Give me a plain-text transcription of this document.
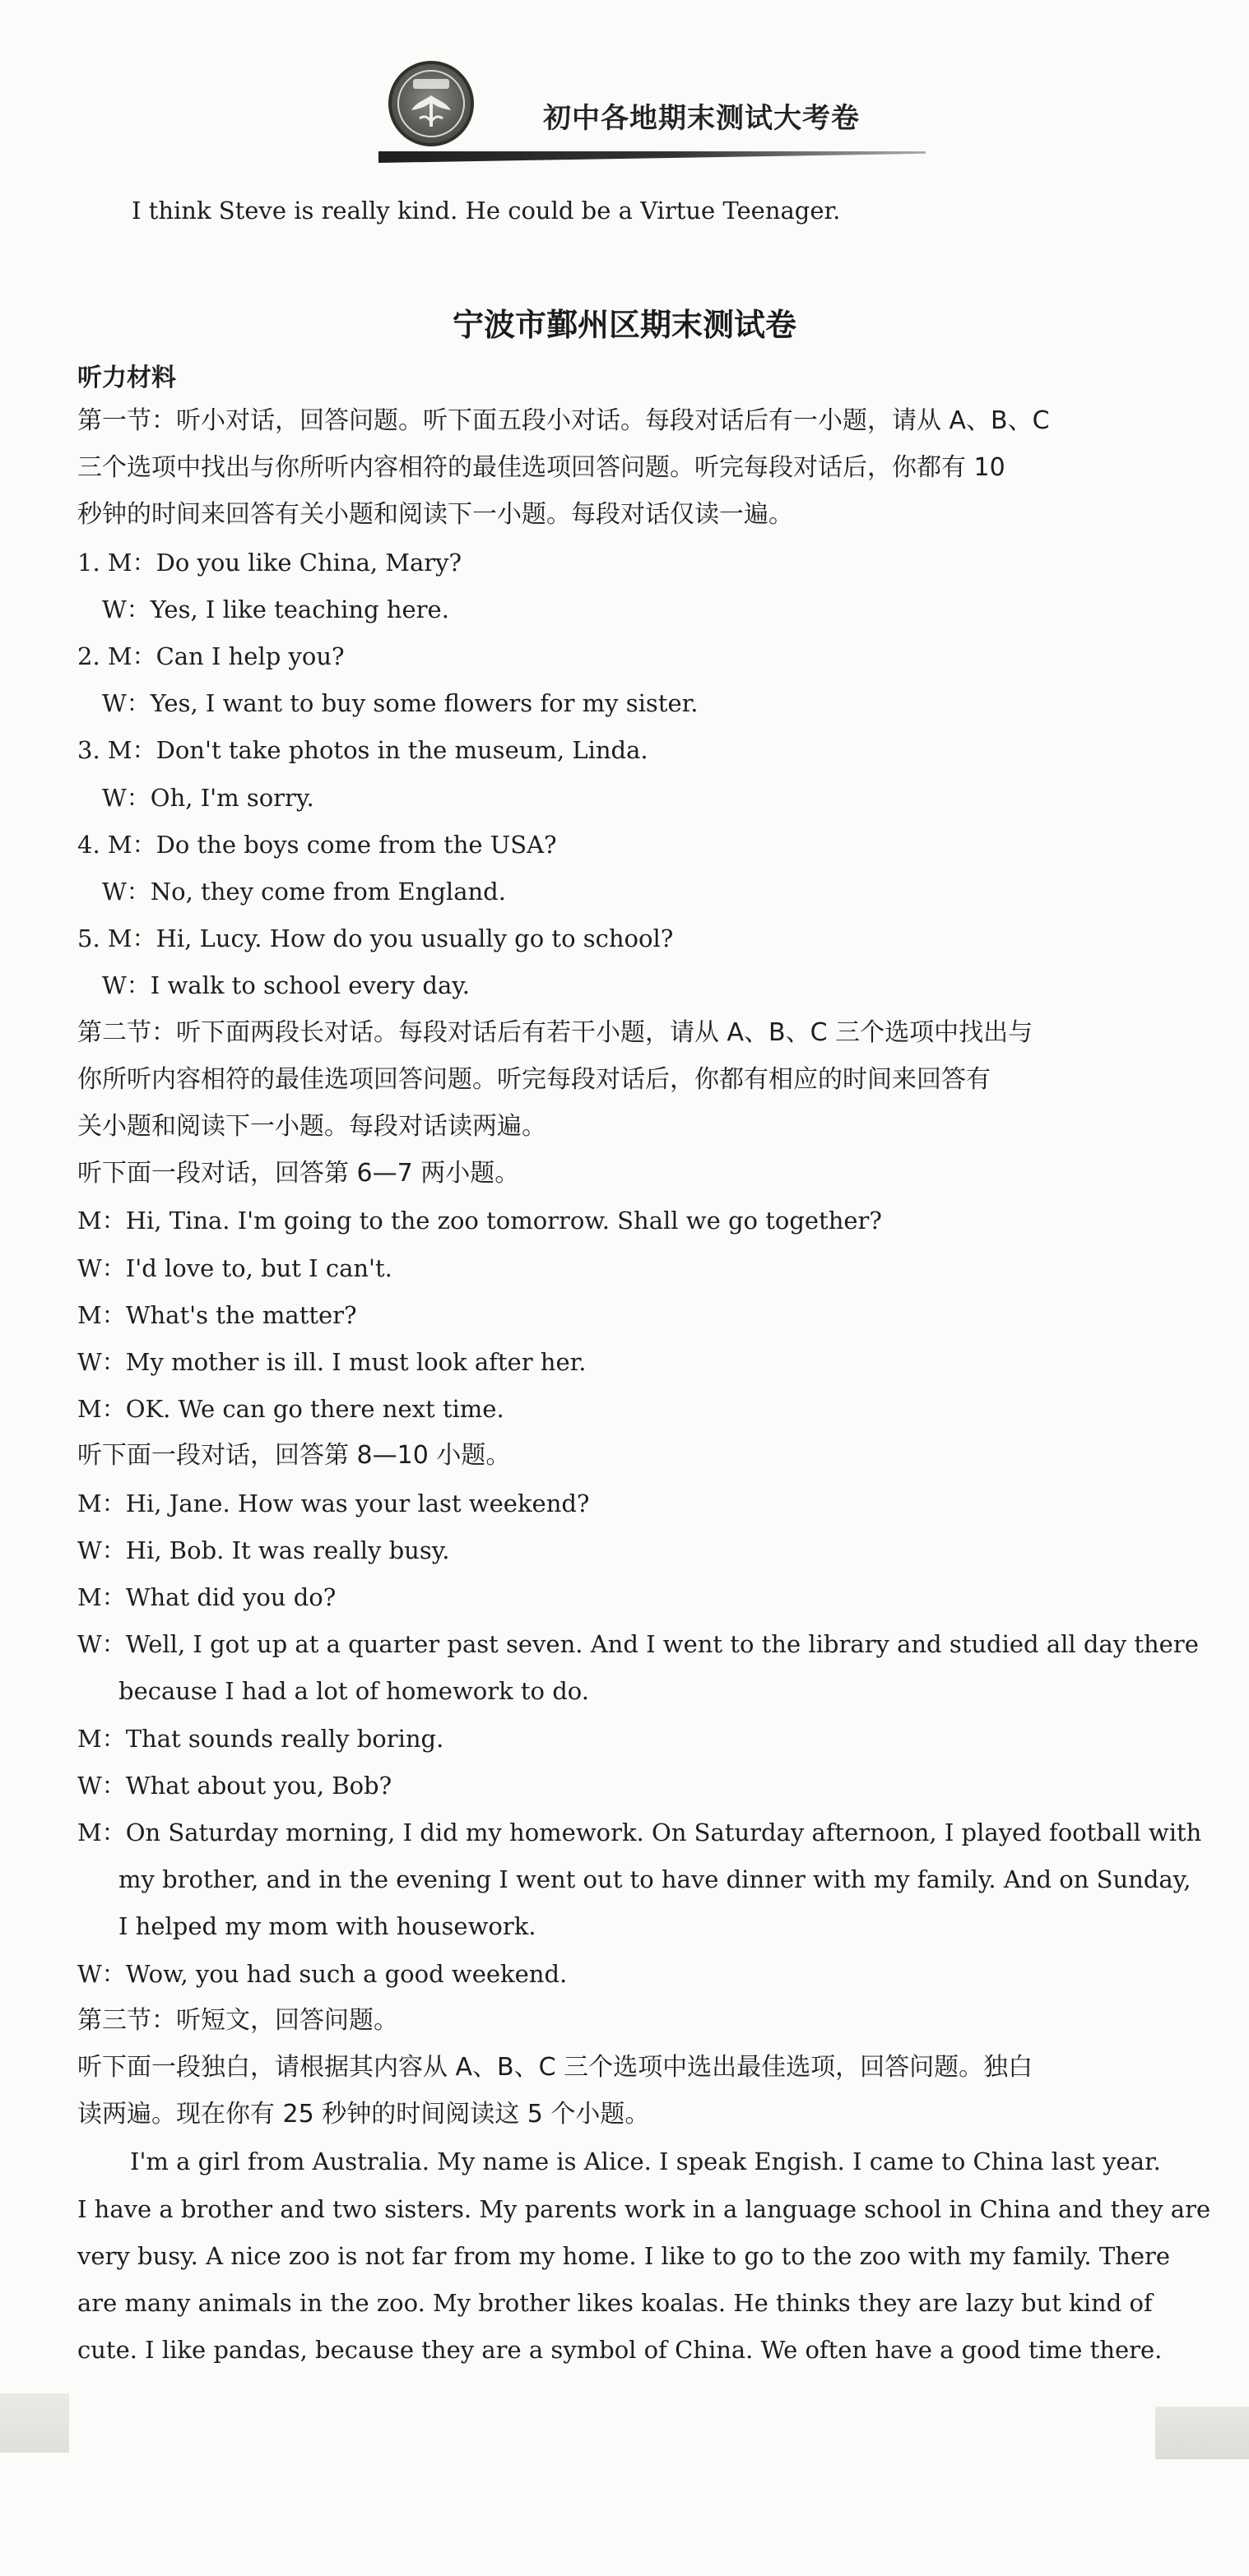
初中各地期末测试大考卷
I think Steve is really kind. He could be a Virtue Teenager.
宁波市鄞州区期末测试卷
听力材料
第一节：听小对话，回答问题。听下面五段小对话。每段对话后有一小题，请从 A、B、C
三个选项中找出与你所听内容相符的最佳选项回答问题。听完每段对话后，你都有 10
秒钟的时间来回答有关小题和阅读下一小题。每段对话仅读一遍。
1. M：Do you like China, Mary?
W：Yes, I like teaching here.
2. M：Can I help you?
W：Yes, I want to buy some flowers for my sister.
3. M：Don't take photos in the museum, Linda.
W：Oh, I'm sorry.
4. M：Do the boys come from the USA?
W：No, they come from England.
5. M：Hi, Lucy. How do you usually go to school?
W：I walk to school every day.
第二节：听下面两段长对话。每段对话后有若干小题，请从 A、B、C 三个选项中找出与
你所听内容相符的最佳选项回答问题。听完每段对话后，你都有相应的时间来回答有
关小题和阅读下一小题。每段对话读两遍。
听下面一段对话，回答第 6—7 两小题。
M：Hi, Tina. I'm going to the zoo tomorrow. Shall we go together?
W：I'd love to, but I can't.
M：What's the matter?
W：My mother is ill. I must look after her.
M：OK. We can go there next time.
听下面一段对话，回答第 8—10 小题。
M：Hi, Jane. How was your last weekend?
W：Hi, Bob. It was really busy.
M：What did you do?
W：Well, I got up at a quarter past seven. And I went to the library and studied all day there
because I had a lot of homework to do.
M：That sounds really boring.
W：What about you, Bob?
M：On Saturday morning, I did my homework. On Saturday afternoon, I played football with
my brother, and in the evening I went out to have dinner with my family. And on Sunday,
I helped my mom with housework.
W：Wow, you had such a good weekend.
第三节：听短文，回答问题。
听下面一段独白，请根据其内容从 A、B、C 三个选项中选出最佳选项，回答问题。独白
读两遍。现在你有 25 秒钟的时间阅读这 5 个小题。
I'm a girl from Australia. My name is Alice. I speak Engish. I came to China last year.
I have a brother and two sisters. My parents work in a language school in China and they are
very busy. A nice zoo is not far from my home. I like to go to the zoo with my family. There
are many animals in the zoo. My brother likes koalas. He thinks they are lazy but kind of
cute. I like pandas, because they are a symbol of China. We often have a good time there.
